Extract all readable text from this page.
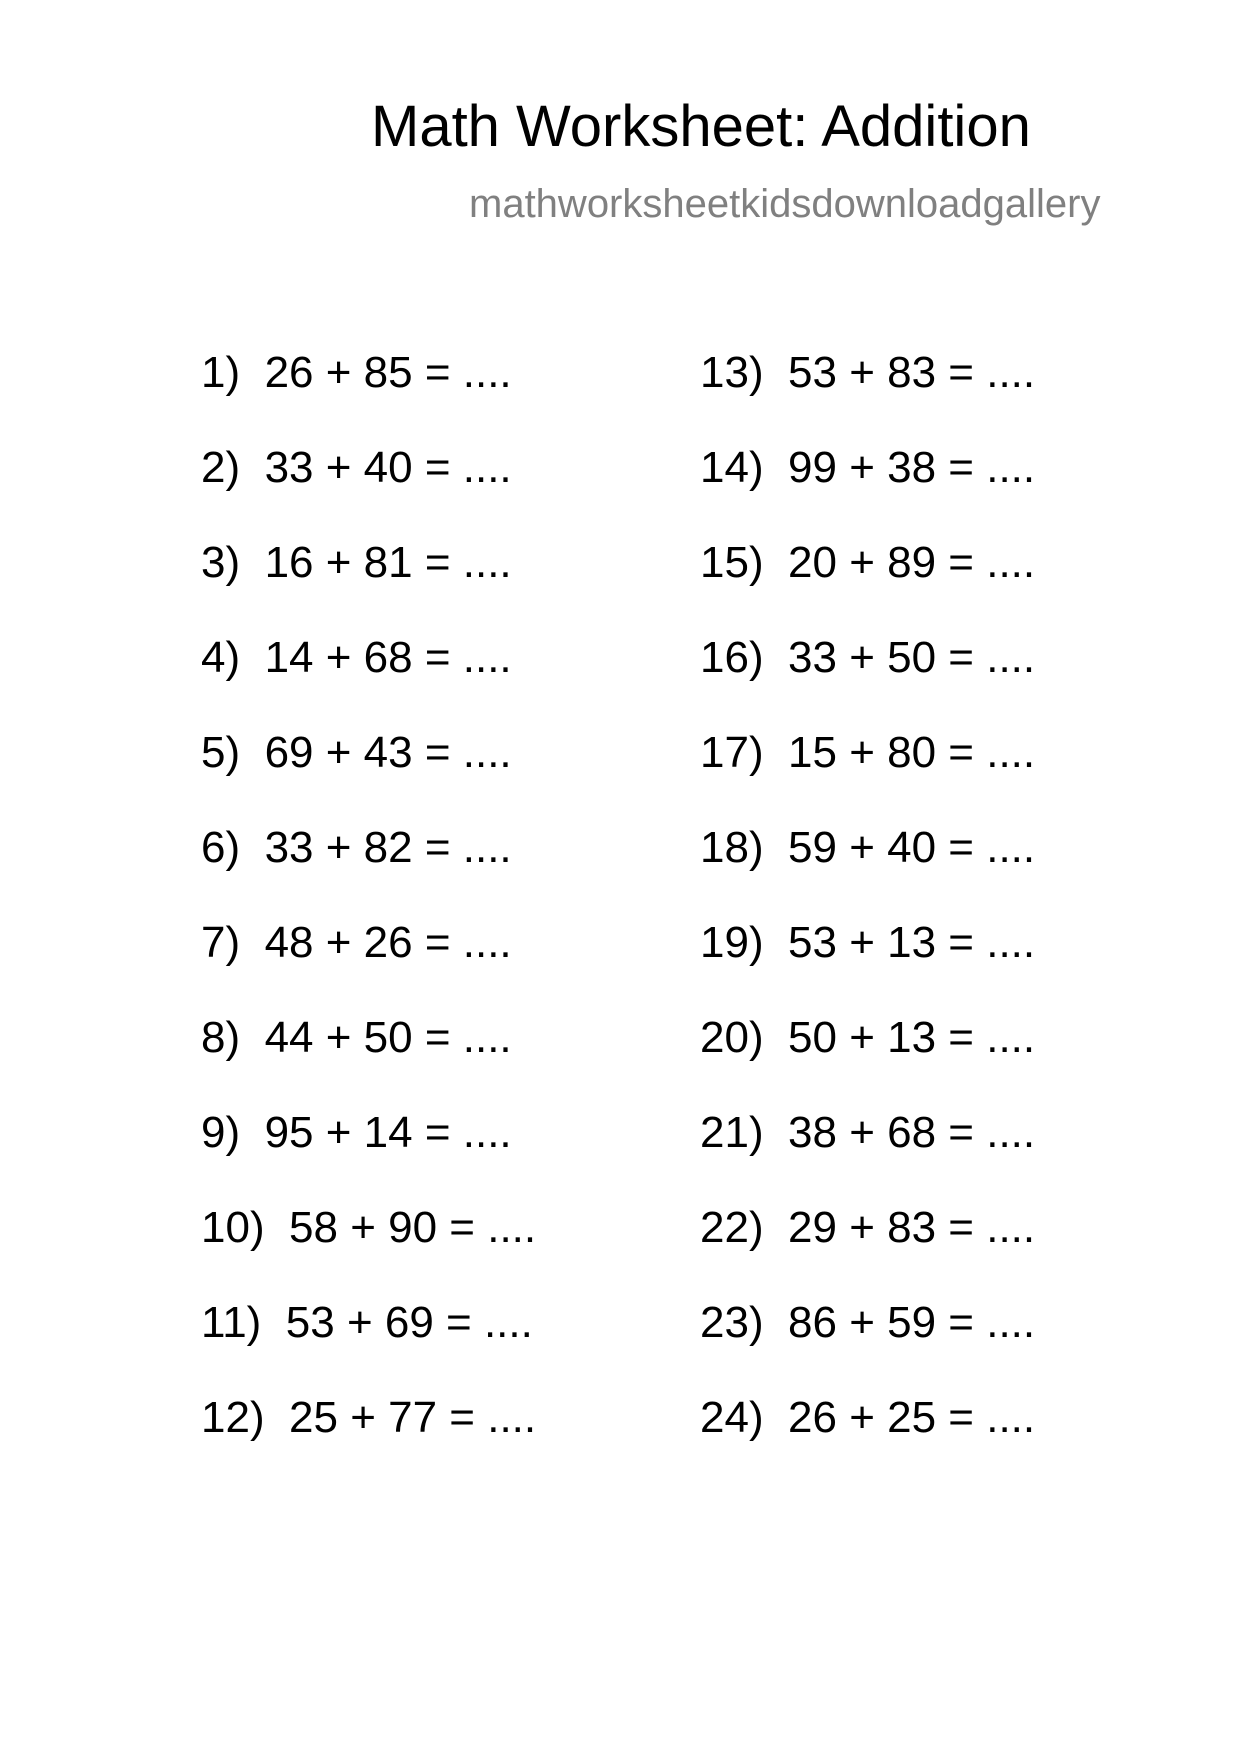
Math Worksheet: Addition
mathworksheetkidsdownloadgallery
1)  26 + 85 = ....
2)  33 + 40 = ....
3)  16 + 81 = ....
4)  14 + 68 = ....
5)  69 + 43 = ....
6)  33 + 82 = ....
7)  48 + 26 = ....
8)  44 + 50 = ....
9)  95 + 14 = ....
10)  58 + 90 = ....
11)  53 + 69 = ....
12)  25 + 77 = ....
13)  53 + 83 = ....
14)  99 + 38 = ....
15)  20 + 89 = ....
16)  33 + 50 = ....
17)  15 + 80 = ....
18)  59 + 40 = ....
19)  53 + 13 = ....
20)  50 + 13 = ....
21)  38 + 68 = ....
22)  29 + 83 = ....
23)  86 + 59 = ....
24)  26 + 25 = ....
